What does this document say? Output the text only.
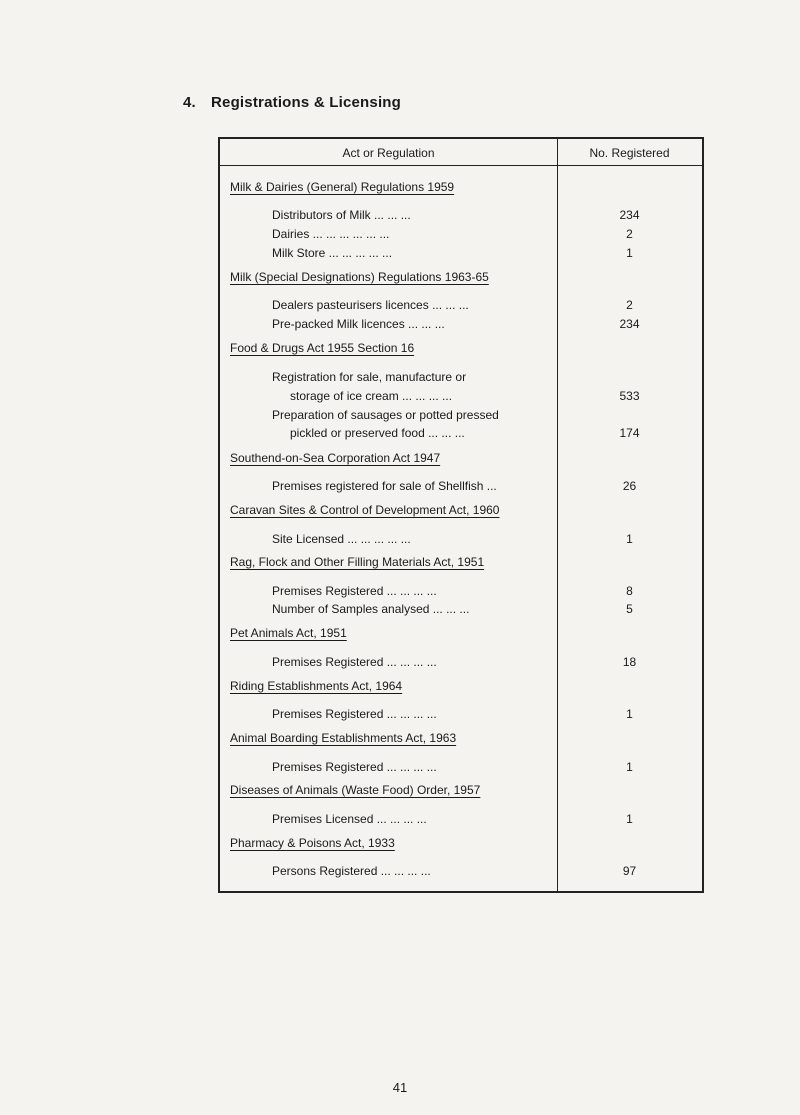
4. Registrations & Licensing
Act or Regulation	No. Registered
Milk & Dairies (General) Regulations 1959
Distributors of Milk ... ... ...	234
Dairies ... ... ... ... ... ...	2
Milk Store ... ... ... ... ...	1
Milk (Special Designations) Regulations 1963-65
Dealers pasteurisers licences ... ... ...	2
Pre-packed Milk licences ... ... ...	234
Food & Drugs Act 1955 Section 16
Registration for sale, manufacture or
storage of ice cream ... ... ... ...	533
Preparation of sausages or potted pressed
pickled or preserved food ... ... ...	174
Southend-on-Sea Corporation Act 1947
Premises registered for sale of Shellfish ...	26
Caravan Sites & Control of Development Act, 1960
Site Licensed ... ... ... ... ...	1
Rag, Flock and Other Filling Materials Act, 1951
Premises Registered ... ... ... ...	8
Number of Samples analysed ... ... ...	5
Pet Animals Act, 1951
Premises Registered ... ... ... ...	18
Riding Establishments Act, 1964
Premises Registered ... ... ... ...	1
Animal Boarding Establishments Act, 1963
Premises Registered ... ... ... ...	1
Diseases of Animals (Waste Food) Order, 1957
Premises Licensed ... ... ... ...	1
Pharmacy & Poisons Act, 1933
Persons Registered ... ... ... ...	97
41
